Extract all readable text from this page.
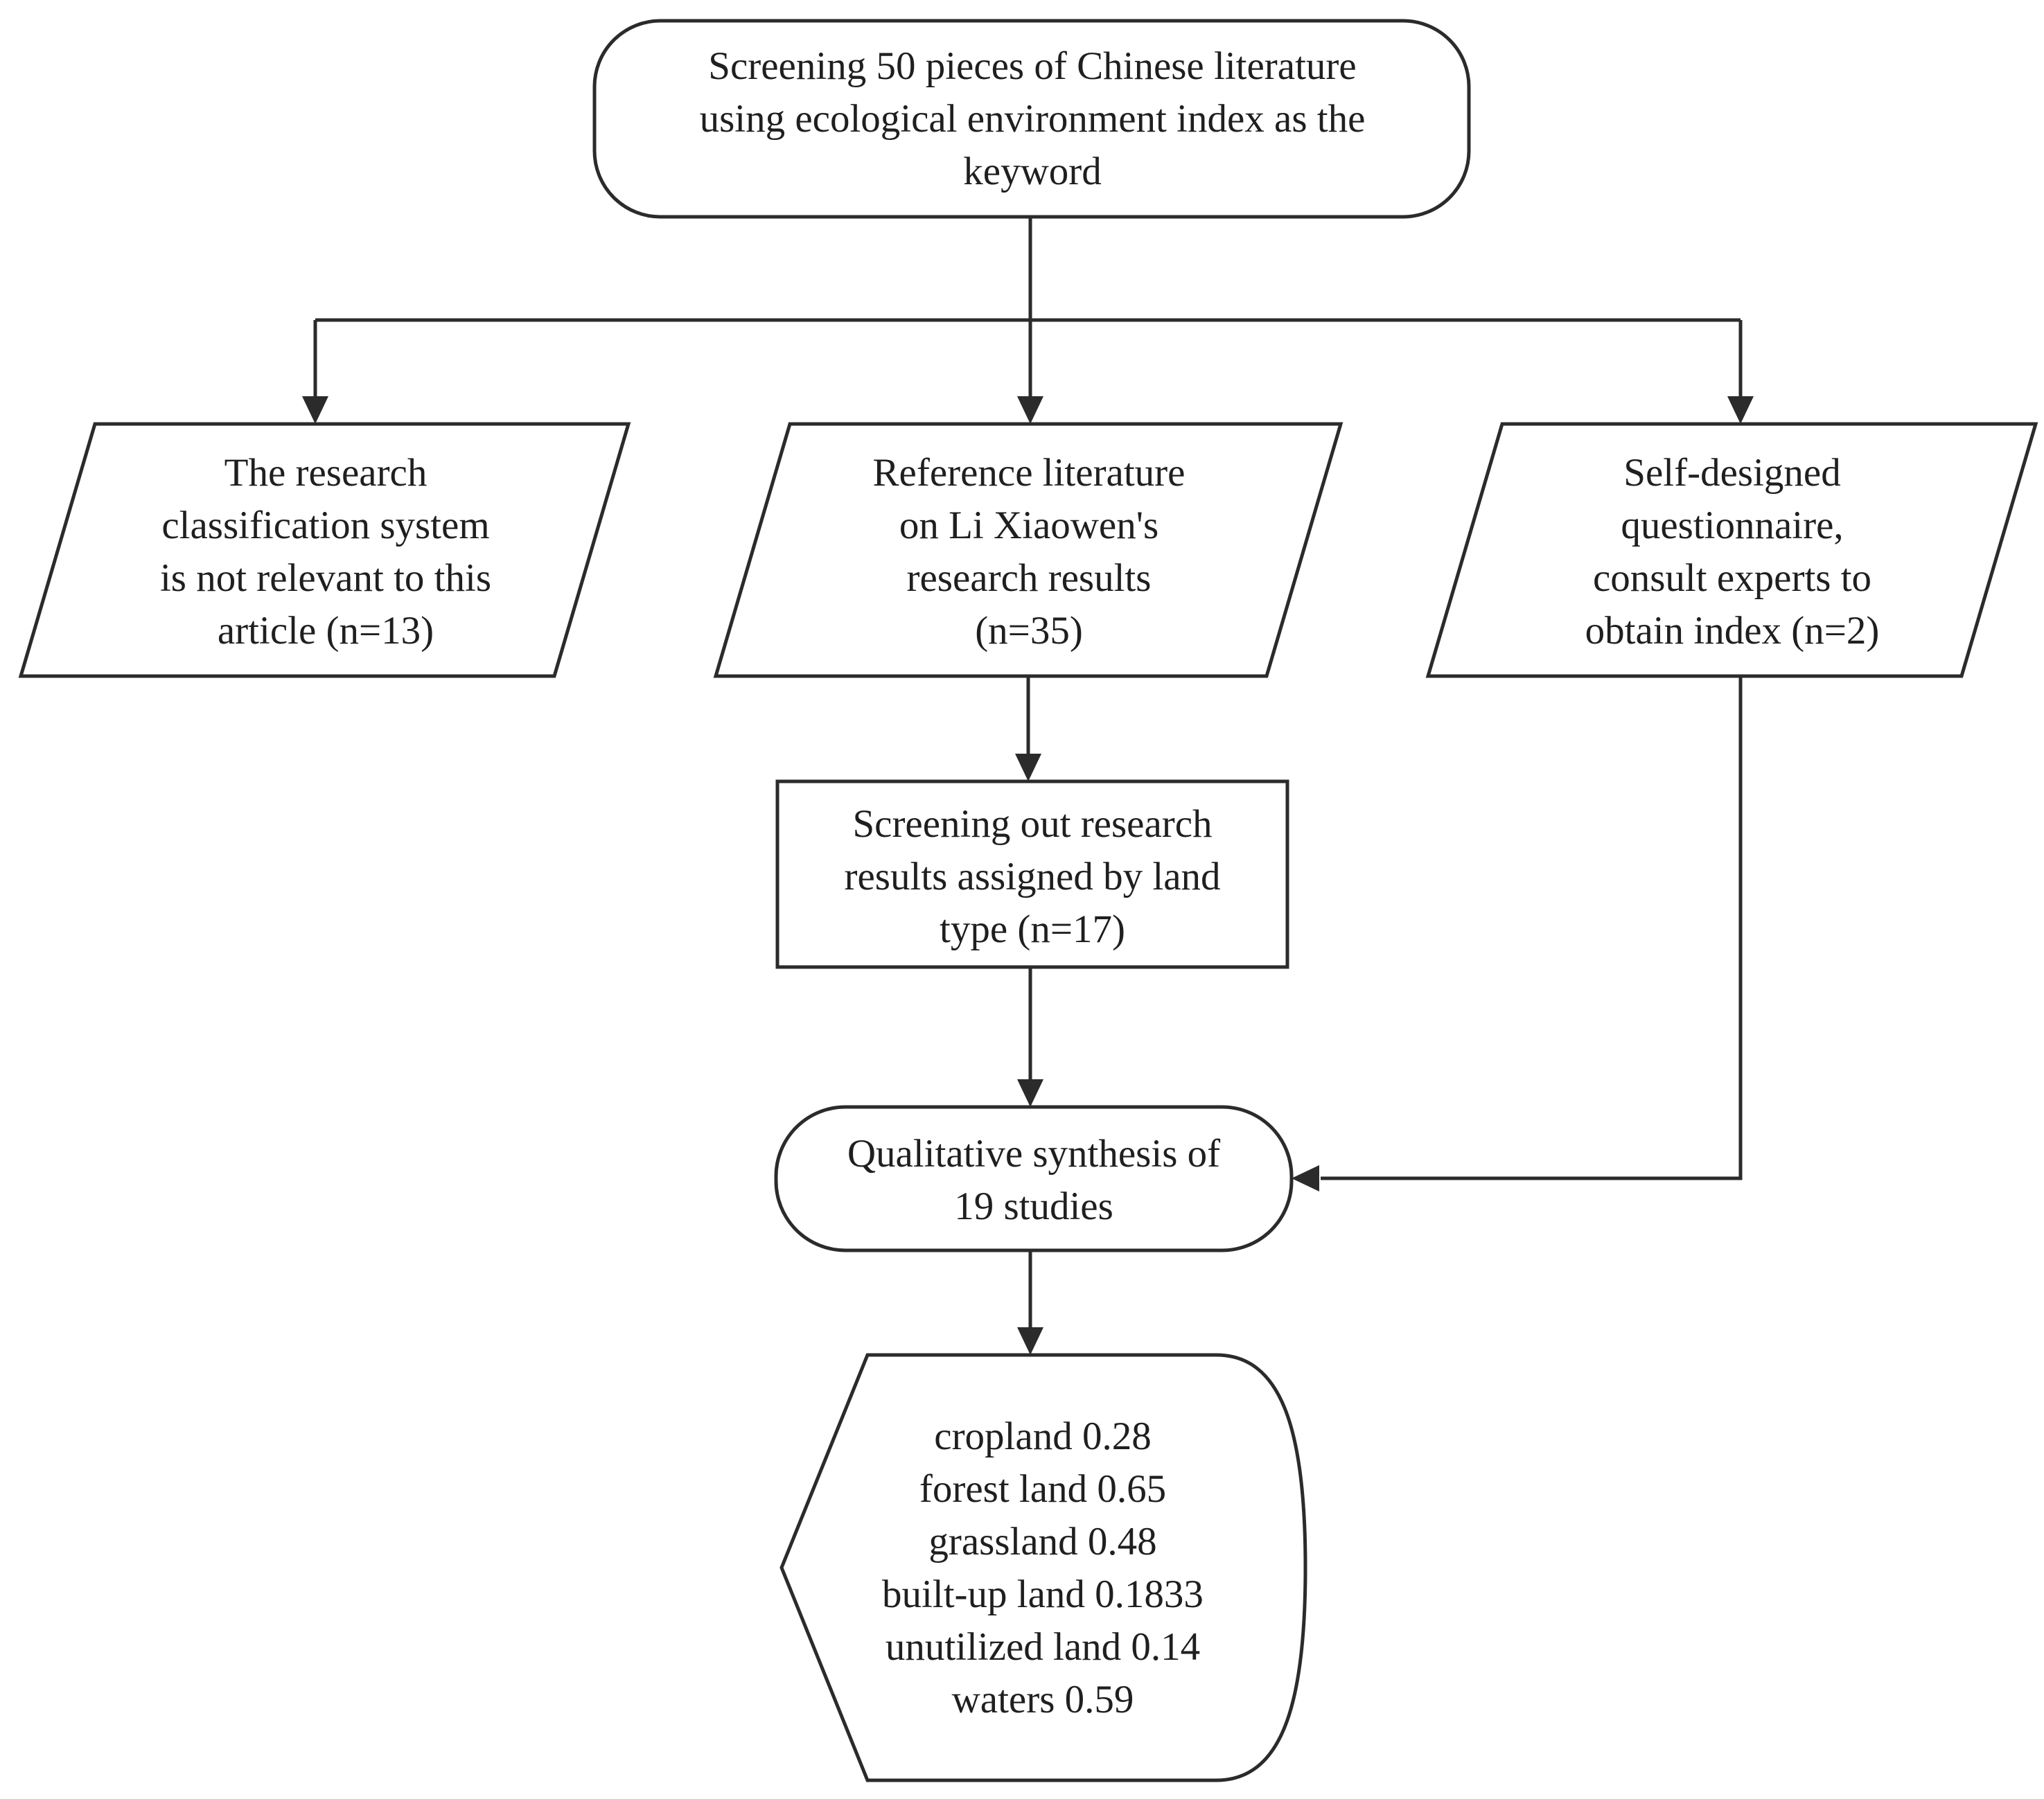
Screening 50 pieces of Chinese literature
using ecological environment index as the
keyword
The research
classification system
is not relevant to this
article (n=13)
Reference literature
on Li Xiaowen's
research results
(n=35)
Self-designed
questionnaire,
consult experts to
obtain index (n=2)
Screening out research
results assigned by land
type (n=17)
Qualitative synthesis of
19 studies
cropland 0.28
forest land 0.65
grassland 0.48
built-up land 0.1833
unutilized land 0.14
waters 0.59
